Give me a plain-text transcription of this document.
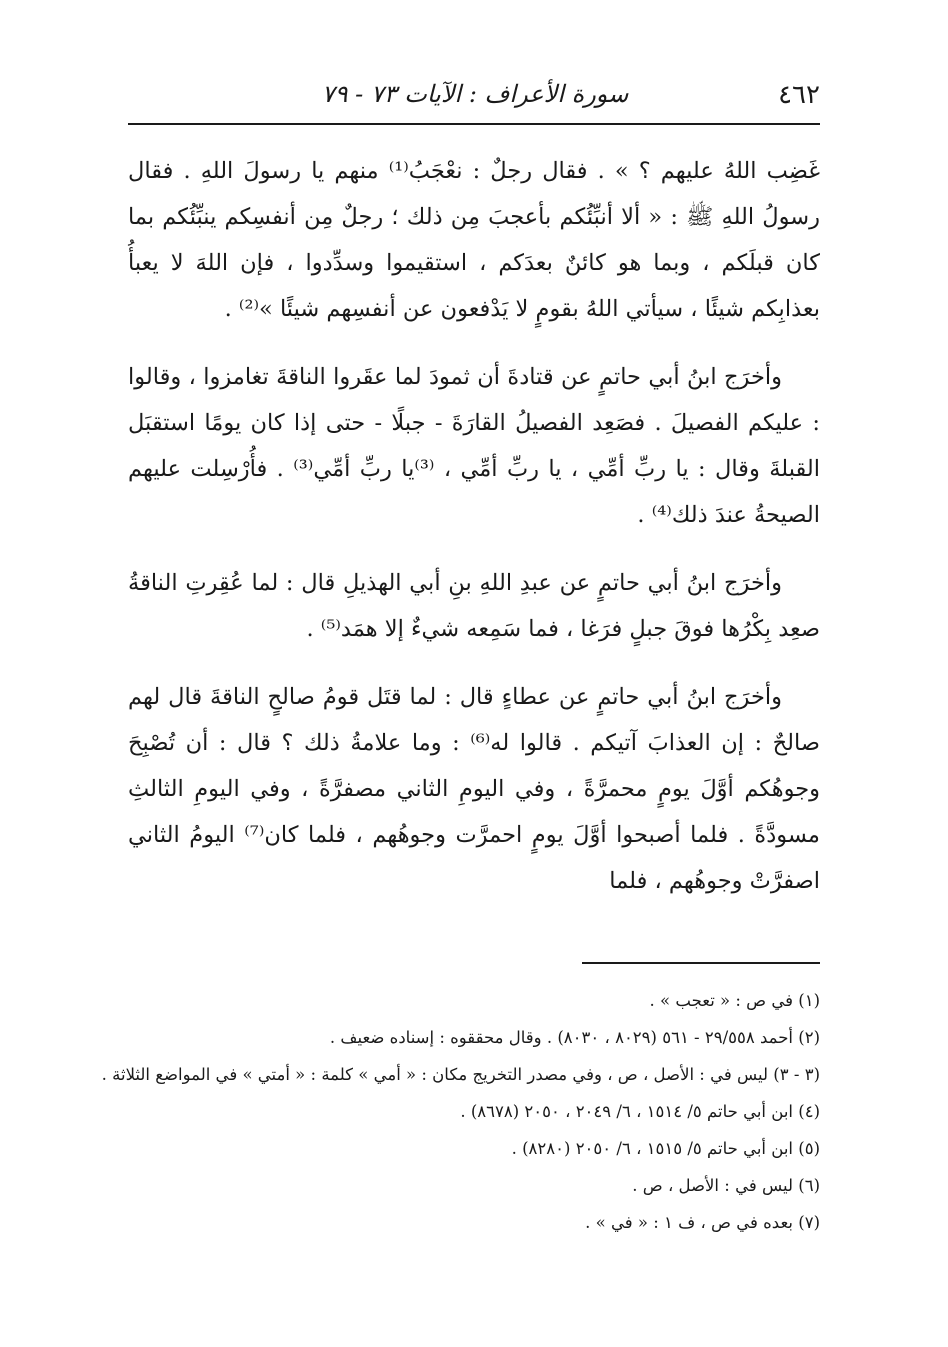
٤٦٢
سورة الأعراف : الآيات ٧٣ - ٧٩

غَضِب اللهُ عليهم ؟ » . فقال رجلٌ : نعْجَبُ⁽¹⁾ منهم يا رسولَ اللهِ . فقال رسولُ اللهِ ﷺ : « ألا أنبِّئُكم بأعجبَ مِن ذلك ؛ رجلٌ مِن أنفسِكم ينبِّئُكم بما كان قبلَكم ، وبما هو كائنٌ بعدَكم ، استقيموا وسدِّدوا ، فإن اللهَ لا يعبأُ بعذابِكم شيئًا ، سيأتي اللهُ بقومٍ لا يَدْفعون عن أنفسِهم شيئًا »⁽²⁾ .

وأخرَج ابنُ أبي حاتمٍ عن قتادةَ أن ثمودَ لما عقَروا الناقةَ تغامزوا ، وقالوا : عليكم الفصيلَ . فصَعِد الفصيلُ القارَةَ - جبلًا - حتى إذا كان يومًا استقبَل القبلةَ وقال : يا ربِّ أمِّي ، يا ربِّ أمِّي ، ⁽³⁾يا ربِّ أمِّي⁽³⁾ . فأُرْسِلت عليهم الصيحةُ عندَ ذلك⁽⁴⁾ .

وأخرَج ابنُ أبي حاتمٍ عن عبدِ اللهِ بنِ أبي الهذيلِ قال : لما عُقِرتِ الناقةُ صعِد بِكْرُها فوقَ جبلٍ فرَغا ، فما سَمِعه شيءٌ إلا همَد⁽⁵⁾ .

وأخرَج ابنُ أبي حاتمٍ عن عطاءٍ قال : لما قتَل قومُ صالحٍ الناقةَ قال لهم صالحٌ : إن العذابَ آتيكم . قالوا له⁽⁶⁾ : وما علامةُ ذلك ؟ قال : أن تُصْبِحَ وجوهُكم أوَّلَ يومٍ محمرَّةً ، وفي اليومِ الثاني مصفرَّةً ، وفي اليومِ الثالثِ مسودَّةً . فلما أصبحوا أوَّلَ يومٍ احمرَّت وجوهُهم ، فلما كان⁽⁷⁾ اليومُ الثاني اصفرَّتْ وجوهُهم ، فلما

(١) في ص : « تعجب » .

(٢) أحمد ٢٩/٥٥٨ - ٥٦١ (٨٠٢٩ ، ٨٠٣٠) . وقال محققوه : إسناده ضعيف .

(٣ - ٣) ليس في : الأصل ، ص ، وفي مصدر التخريج مكان : « أمي » كلمة : « أمتي » في المواضع الثلاثة .

(٤) ابن أبي حاتم ٥/ ١٥١٤ ، ٦/ ٢٠٤٩ ، ٢٠٥٠ (٨٦٧٨) .

(٥) ابن أبي حاتم ٥/ ١٥١٥ ، ٦/ ٢٠٥٠ (٨٢٨٠) .

(٦) ليس في : الأصل ، ص .

(٧) بعده في ص ، ف ١ : « في » .
